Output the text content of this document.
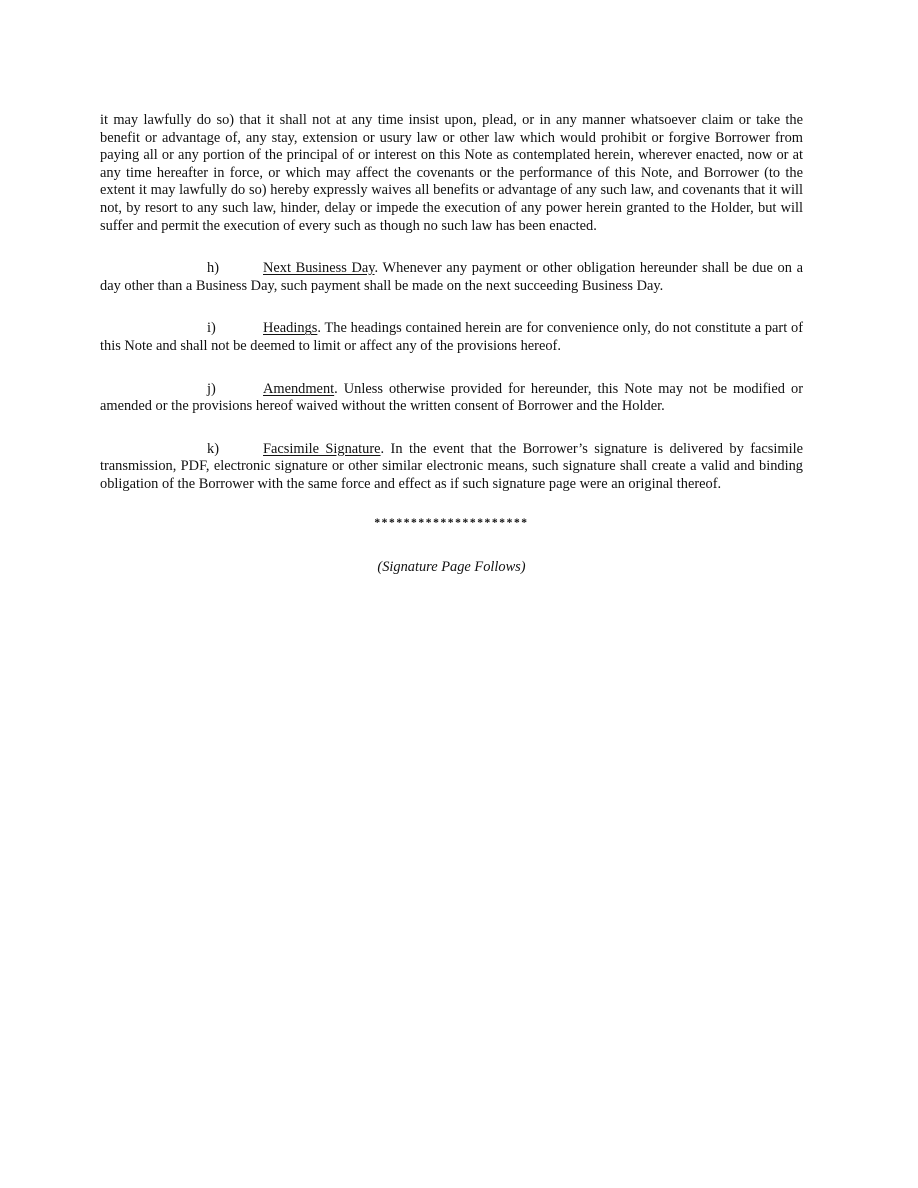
it may lawfully do so) that it shall not at any time insist upon, plead, or in any manner whatsoever claim or take the benefit or advantage of, any stay, extension or usury law or other law which would prohibit or forgive Borrower from paying all or any portion of the principal of or interest on this Note as contemplated herein, wherever enacted, now or at any time hereafter in force, or which may affect the covenants or the performance of this Note, and Borrower (to the extent it may lawfully do so) hereby expressly waives all benefits or advantage of any such law, and covenants that it will not, by resort to any such law, hinder, delay or impede the execution of any power herein granted to the Holder, but will suffer and permit the execution of every such as though no such law has been enacted.

h)	Next Business Day. Whenever any payment or other obligation hereunder shall be due on a day other than a Business Day, such payment shall be made on the next succeeding Business Day.

i)	Headings. The headings contained herein are for convenience only, do not constitute a part of this Note and shall not be deemed to limit or affect any of the provisions hereof.

j)	Amendment. Unless otherwise provided for hereunder, this Note may not be modified or amended or the provisions hereof waived without the written consent of Borrower and the Holder.

k)	Facsimile Signature. In the event that the Borrower’s signature is delivered by facsimile transmission, PDF, electronic signature or other similar electronic means, such signature shall create a valid and binding obligation of the Borrower with the same force and effect as if such signature page were an original thereof.

*********************
(Signature Page Follows)
